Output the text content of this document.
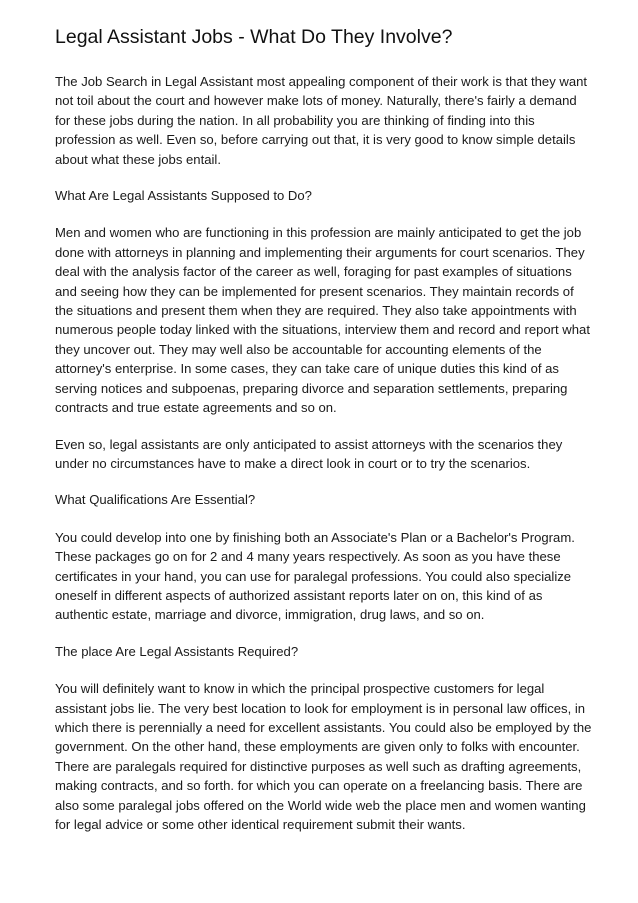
Legal Assistant Jobs - What Do They Involve?

The Job Search in Legal Assistant most appealing component of their work is that they want not toil about the court and however make lots of money. Naturally, there's fairly a demand for these jobs during the nation. In all probability you are thinking of finding into this profession as well. Even so, before carrying out that, it is very good to know simple details about what these jobs entail.

What Are Legal Assistants Supposed to Do?

Men and women who are functioning in this profession are mainly anticipated to get the job done with attorneys in planning and implementing their arguments for court scenarios. They deal with the analysis factor of the career as well, foraging for past examples of situations and seeing how they can be implemented for present scenarios. They maintain records of the situations and present them when they are required. They also take appointments with numerous people today linked with the situations, interview them and record and report what they uncover out. They may well also be accountable for accounting elements of the attorney's enterprise. In some cases, they can take care of unique duties this kind of as serving notices and subpoenas, preparing divorce and separation settlements, preparing contracts and true estate agreements and so on.

Even so, legal assistants are only anticipated to assist attorneys with the scenarios they under no circumstances have to make a direct look in court or to try the scenarios.

What Qualifications Are Essential?

You could develop into one by finishing both an Associate's Plan or a Bachelor's Program. These packages go on for 2 and 4 many years respectively. As soon as you have these certificates in your hand, you can use for paralegal professions. You could also specialize oneself in different aspects of authorized assistant reports later on on, this kind of as authentic estate, marriage and divorce, immigration, drug laws, and so on.

The place Are Legal Assistants Required?

You will definitely want to know in which the principal prospective customers for legal assistant jobs lie. The very best location to look for employment is in personal law offices, in which there is perennially a need for excellent assistants. You could also be employed by the government. On the other hand, these employments are given only to folks with encounter. There are paralegals required for distinctive purposes as well such as drafting agreements, making contracts, and so forth. for which you can operate on a freelancing basis. There are also some paralegal jobs offered on the World wide web the place men and women wanting for legal advice or some other identical requirement submit their wants.
